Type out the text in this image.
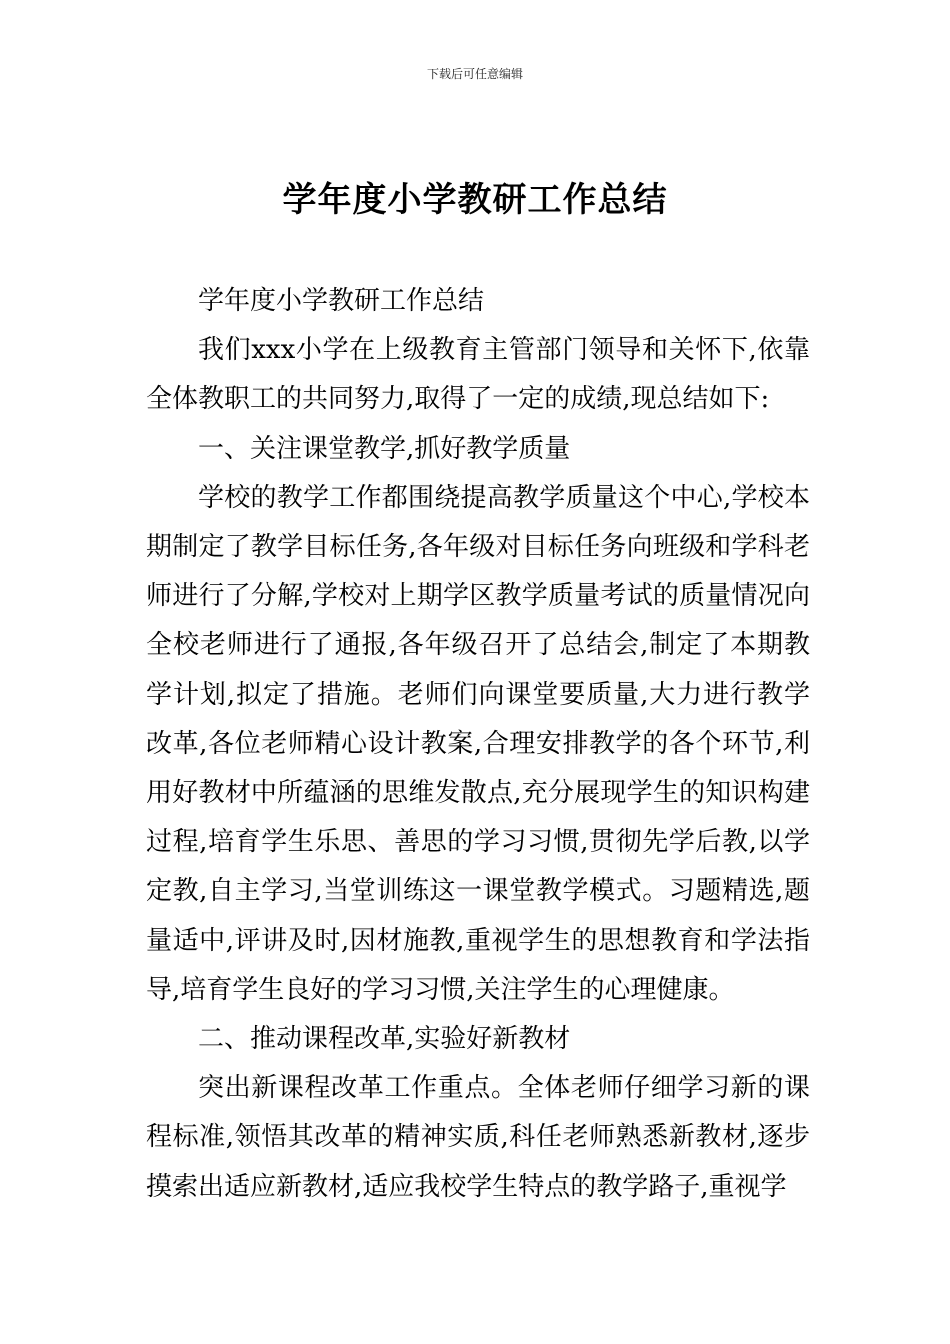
下载后可任意编辑
学年度小学教研工作总结

学年度小学教研工作总结

我们xxx小学在上级教育主管部门领导和关怀下,依靠全体教职工的共同努力,取得了一定的成绩,现总结如下:

一、关注课堂教学,抓好教学质量

学校的教学工作都围绕提高教学质量这个中心,学校本期制定了教学目标任务,各年级对目标任务向班级和学科老师进行了分解,学校对上期学区教学质量考试的质量情况向全校老师进行了通报,各年级召开了总结会,制定了本期教学计划,拟定了措施。老师们向课堂要质量,大力进行教学改革,各位老师精心设计教案,合理安排教学的各个环节,利用好教材中所蕴涵的思维发散点,充分展现学生的知识构建过程,培育学生乐思、善思的学习习惯,贯彻先学后教,以学定教,自主学习,当堂训练这一课堂教学模式。习题精选,题量适中,评讲及时,因材施教,重视学生的思想教育和学法指导,培育学生良好的学习习惯,关注学生的心理健康。

二、推动课程改革,实验好新教材

突出新课程改革工作重点。全体老师仔细学习新的课程标准,领悟其改革的精神实质,科任老师熟悉新教材,逐步摸索出适应新教材,适应我校学生特点的教学路子,重视学
